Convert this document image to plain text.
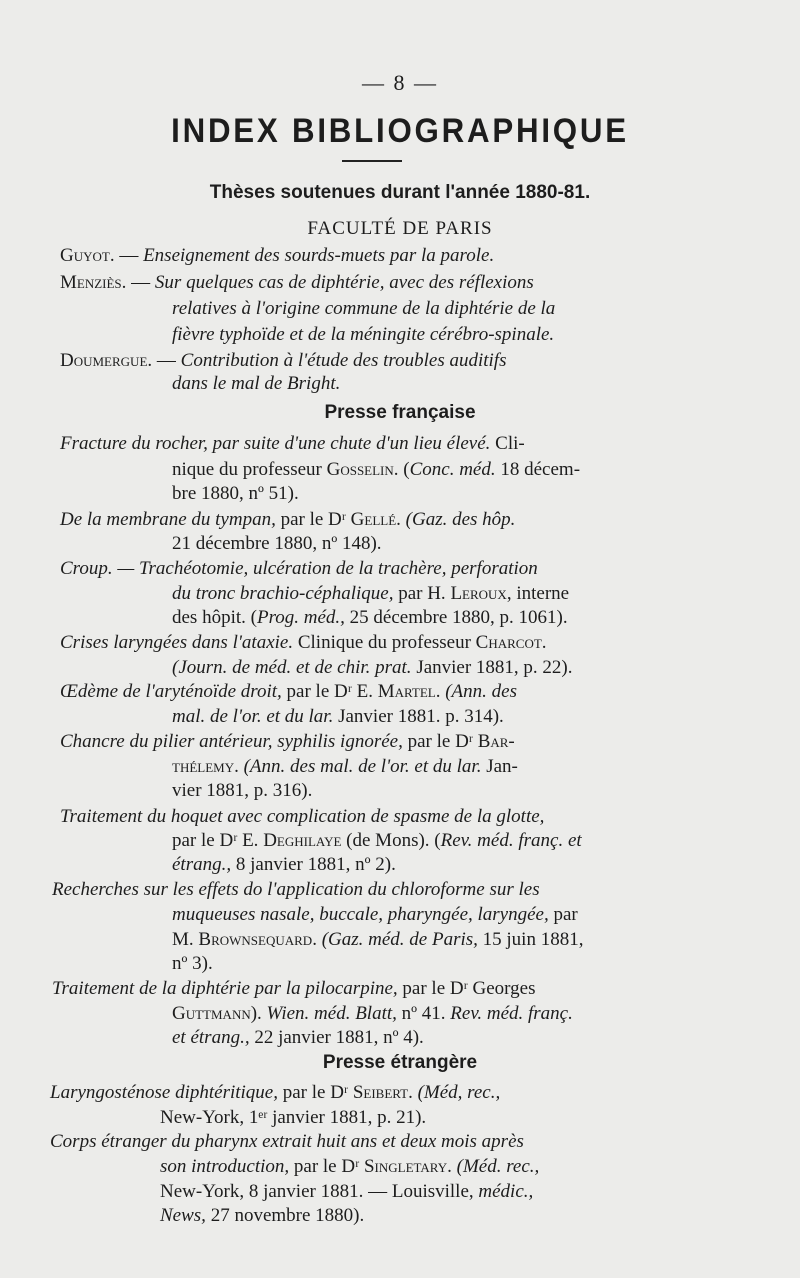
— 8 —
INDEX BIBLIOGRAPHIQUE
Thèses soutenues durant l'année 1880-81.
FACULTÉ DE PARIS
Guyot. — Enseignement des sourds-muets par la parole.
Menziès. — Sur quelques cas de diphtérie, avec des réflexions
relatives à l'origine commune de la diphtérie de la
fièvre typhoïde et de la méningite cérébro-spinale.
Doumergue. — Contribution à l'étude des troubles auditifs
dans le mal de Bright.
Presse française
Fracture du rocher, par suite d'une chute d'un lieu élevé. Cli-
nique du professeur Gosselin. (Conc. méd. 18 décem-
bre 1880, nº 51).
De la membrane du tympan, par le Dʳ Gellé. (Gaz. des hôp.
21 décembre 1880, nº 148).
Croup. — Trachéotomie, ulcération de la trachère, perforation
du tronc brachio-céphalique, par H. Leroux, interne
des hôpit. (Prog. méd., 25 décembre 1880, p. 1061).
Crises laryngées dans l'ataxie. Clinique du professeur Charcot.
(Journ. de méd. et de chir. prat. Janvier 1881, p. 22).
Œdème de l'aryténoïde droit, par le Dʳ E. Martel. (Ann. des
mal. de l'or. et du lar. Janvier 1881. p. 314).
Chancre du pilier antérieur, syphilis ignorée, par le Dʳ Bar-
thélemy. (Ann. des mal. de l'or. et du lar. Jan-
vier 1881, p. 316).
Traitement du hoquet avec complication de spasme de la glotte,
par le Dʳ E. Deghilaye (de Mons). (Rev. méd. franç. et
étrang., 8 janvier 1881, nº 2).
Recherches sur les effets do l'application du chloroforme sur les
muqueuses nasale, buccale, pharyngée, laryngée, par
M. Brownsequard. (Gaz. méd. de Paris, 15 juin 1881,
nº 3).
Traitement de la diphtérie par la pilocarpine, par le Dʳ Georges
Guttmann). Wien. méd. Blatt, nº 41. Rev. méd. franç.
et étrang., 22 janvier 1881, nº 4).
Presse étrangère
Laryngosténose diphtéritique, par le Dʳ Seibert. (Méd, rec.,
New-York, 1ᵉʳ janvier 1881, p. 21).
Corps étranger du pharynx extrait huit ans et deux mois après
son introduction, par le Dʳ Singletary. (Méd. rec.,
New-York, 8 janvier 1881. — Louisville, médic.,
News, 27 novembre 1880).
